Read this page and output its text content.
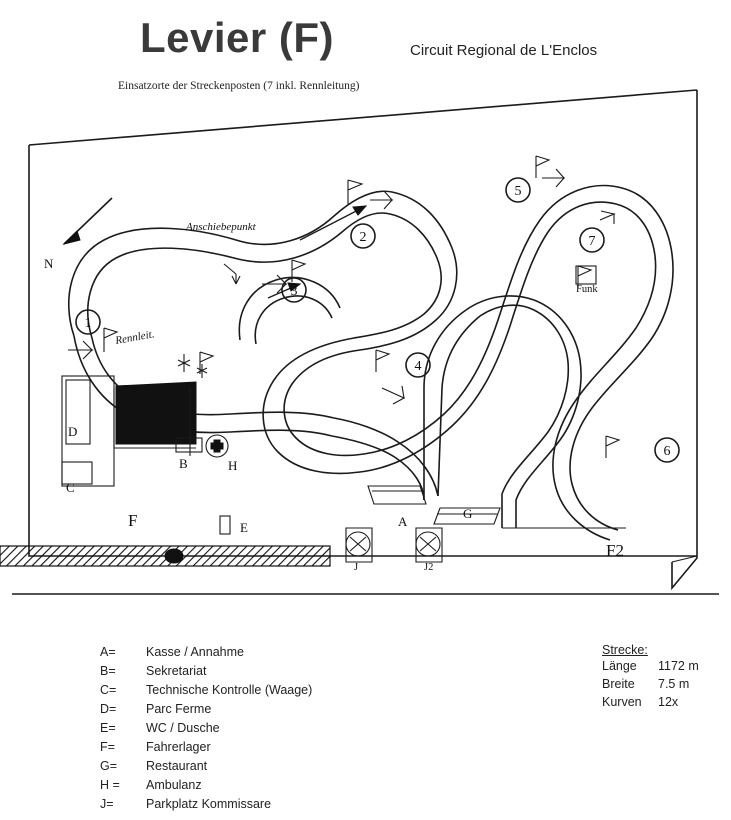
Levier (F)	Circuit Regional de L'Enclos
Einsatzorte der Streckenposten (7 inkl. Rennleitung)
Anschiebepunkt
N
1
2
3
4
5
6
7
Rennleit.
Funk
A
B
C
D
E
F
F2
G
H
J	J2
A=	Kasse / Annahme
B=	Sekretariat
C=	Technische Kontrolle (Waage)
D=	Parc Ferme
E=	WC / Dusche
F=	Fahrerlager
G=	Restaurant
H =	Ambulanz
J=	Parkplatz Kommissare
Strecke:
Länge	1172 m
Breite	7.5 m
Kurven	12x
